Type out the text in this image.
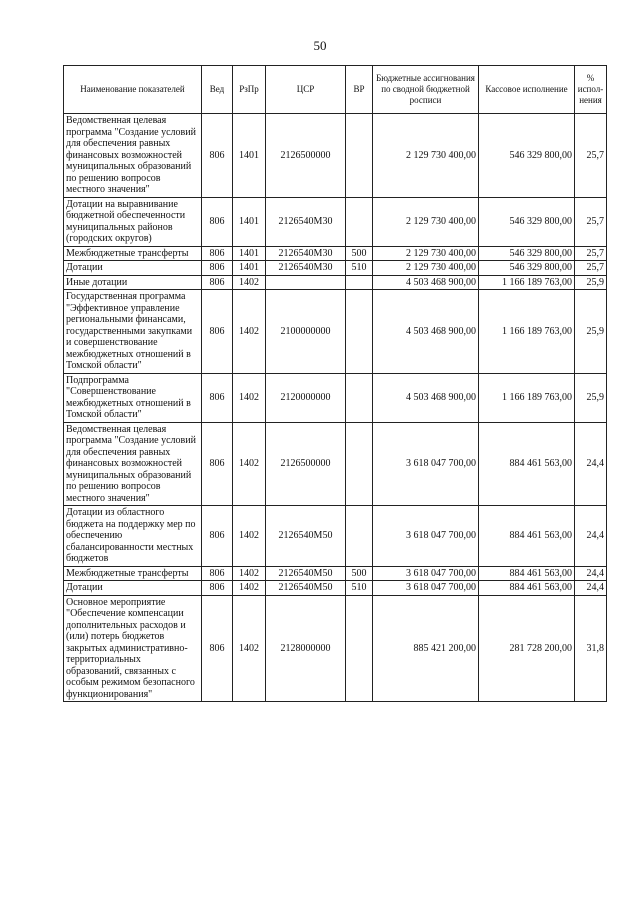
50
Наименование показателей	Вед	РзПр	ЦСР	ВР	Бюджетные ассигнования по сводной бюджетной росписи	Кассовое исполнение	% испол-нения
Ведомственная целевая программа "Создание условий для обеспечения равных финансовых возможностей муниципальных образований по решению вопросов местного значения"	806	1401	2126500000		2 129 730 400,00	546 329 800,00	25,7
Дотации на выравнивание бюджетной обеспеченности муниципальных районов (городских округов)	806	1401	2126540М30		2 129 730 400,00	546 329 800,00	25,7
Межбюджетные трансферты	806	1401	2126540М30	500	2 129 730 400,00	546 329 800,00	25,7
Дотации	806	1401	2126540М30	510	2 129 730 400,00	546 329 800,00	25,7
Иные дотации	806	1402			4 503 468 900,00	1 166 189 763,00	25,9
Государственная программа "Эффективное управление региональными финансами, государственными закупками и совершенствование межбюджетных отношений в Томской области"	806	1402	2100000000		4 503 468 900,00	1 166 189 763,00	25,9
Подпрограмма "Совершенствование межбюджетных отношений в Томской области"	806	1402	2120000000		4 503 468 900,00	1 166 189 763,00	25,9
Ведомственная целевая программа "Создание условий для обеспечения равных финансовых возможностей муниципальных образований по решению вопросов местного значения"	806	1402	2126500000		3 618 047 700,00	884 461 563,00	24,4
Дотации из областного бюджета на поддержку мер по обеспечению сбалансированности местных бюджетов	806	1402	2126540М50		3 618 047 700,00	884 461 563,00	24,4
Межбюджетные трансферты	806	1402	2126540М50	500	3 618 047 700,00	884 461 563,00	24,4
Дотации	806	1402	2126540М50	510	3 618 047 700,00	884 461 563,00	24,4
Основное мероприятие "Обеспечение компенсации дополнительных расходов и (или) потерь бюджетов закрытых административно-территориальных образований, связанных с особым режимом безопасного функционирования"	806	1402	2128000000		885 421 200,00	281 728 200,00	31,8
